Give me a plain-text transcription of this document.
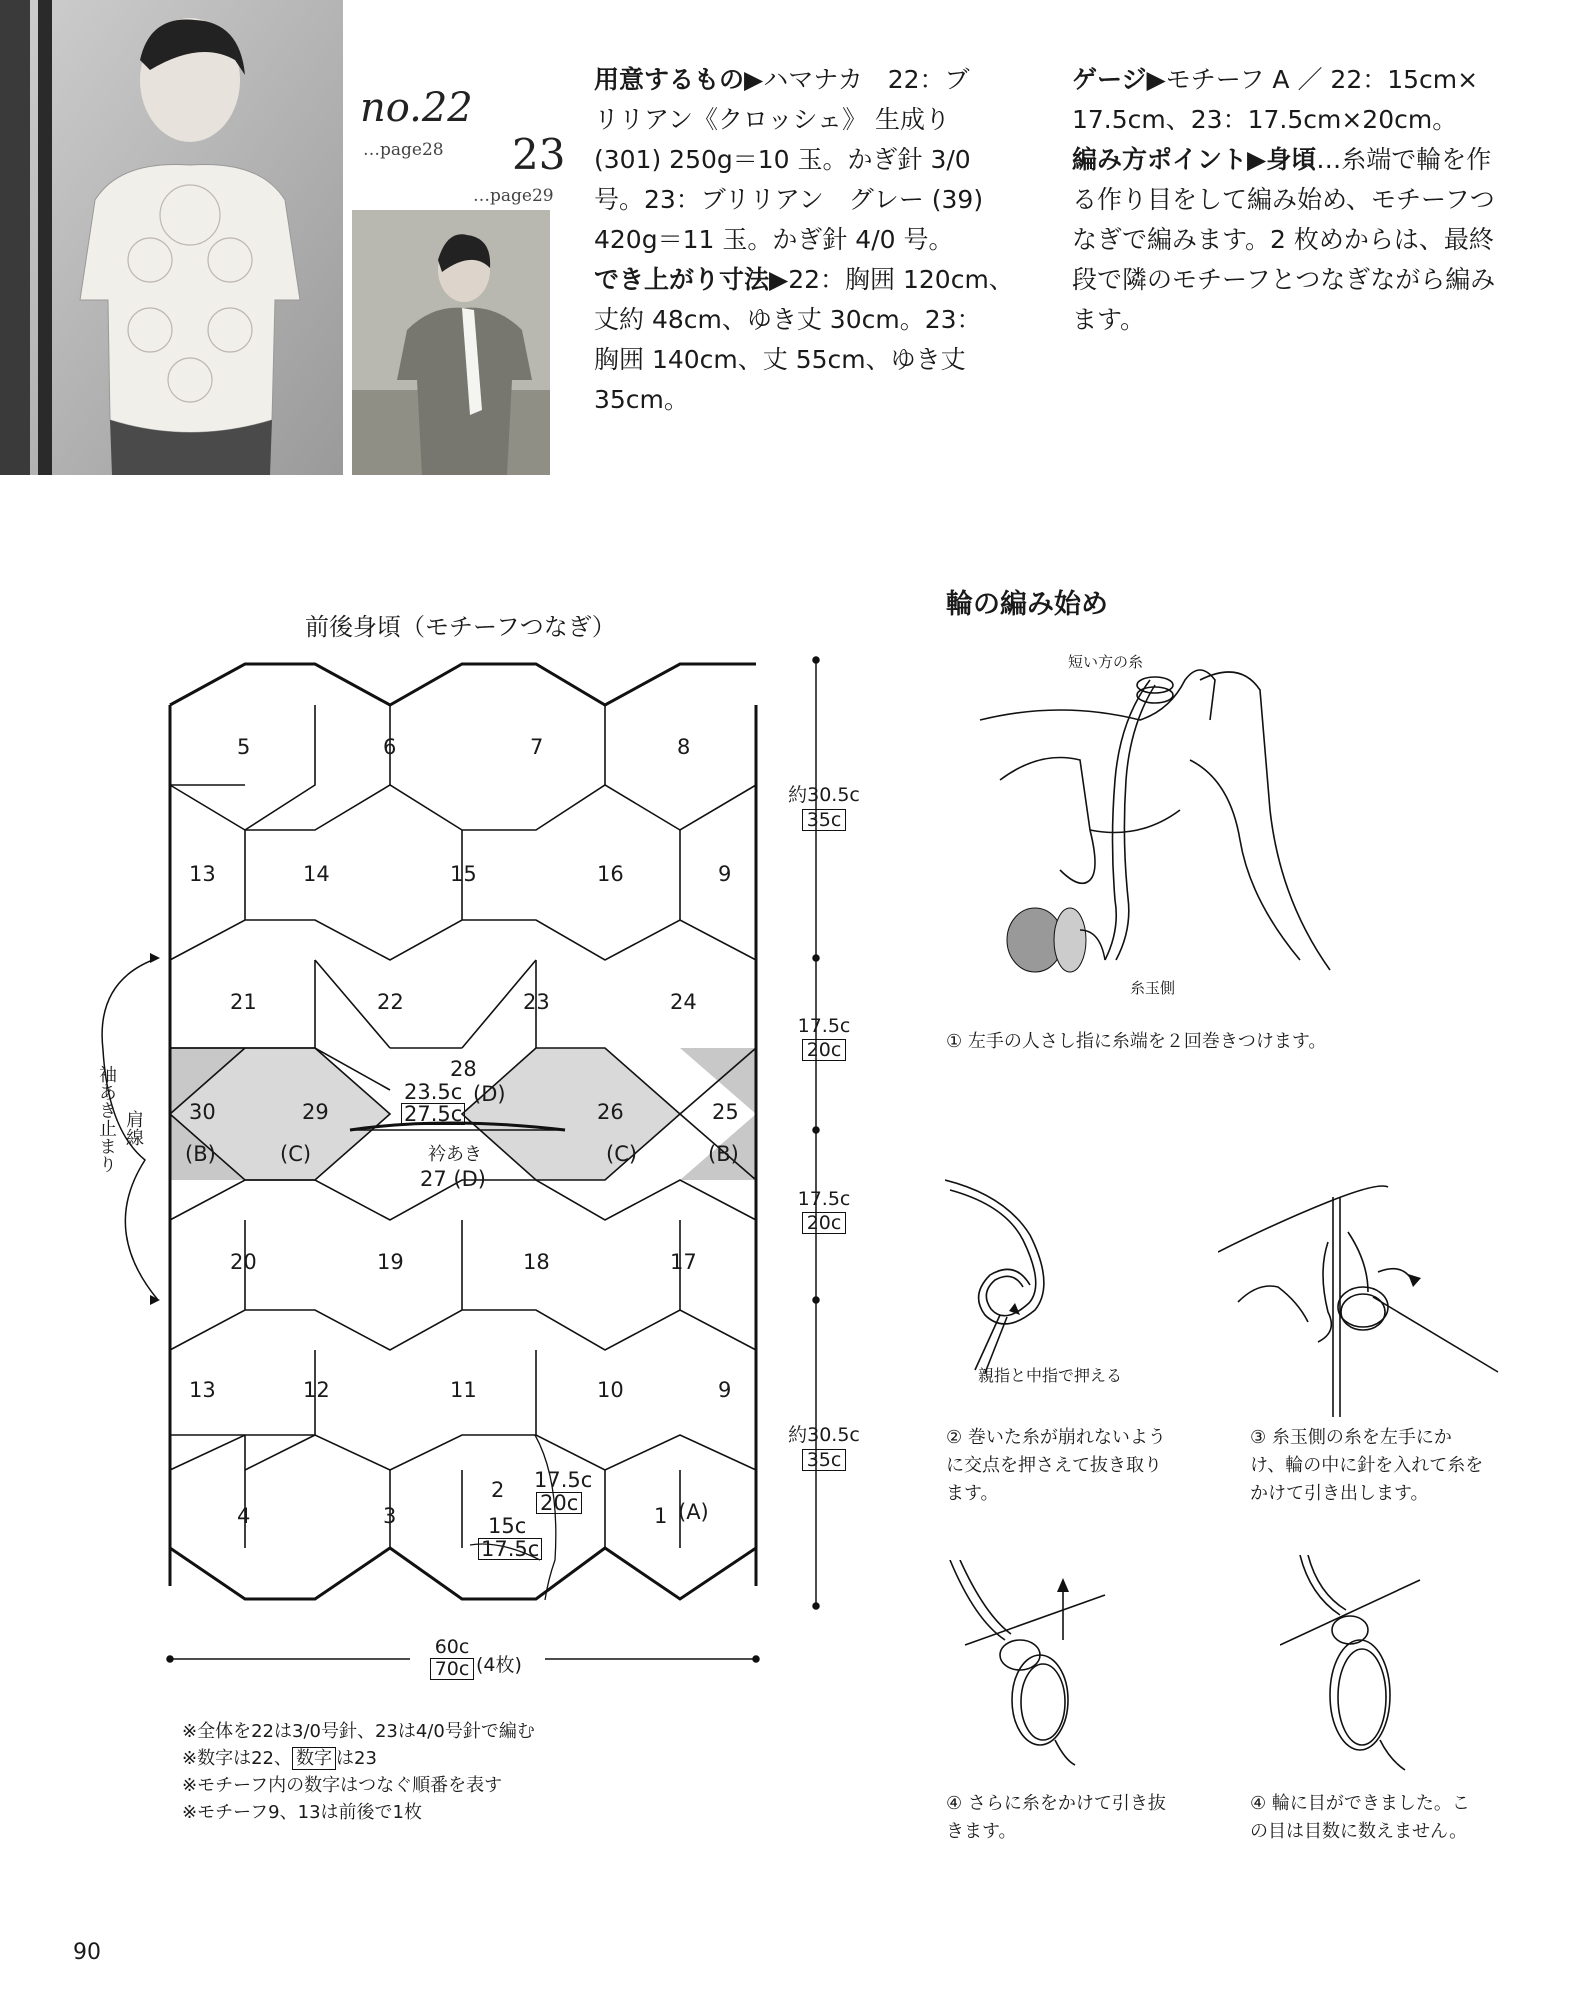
no.22
…page28 23
…page29

用意するもの▶ハマナカ　22：ブ

リリアン《クロッシェ》 生成り

(301) 250g＝10 玉。かぎ針 3/0

号。23：ブリリアン　グレー (39)

420g＝11 玉。かぎ針 4/0 号。

でき上がり寸法▶22：胸囲 120cm、

丈約 48cm、ゆき丈 30cm。23：

胸囲 140cm、丈 55cm、ゆき丈

35cm。

ゲージ▶モチーフ A ／ 22：15cm×

17.5cm、23：17.5cm×20cm。

編み方ポイント▶身頃…糸端で輪を作

る作り目をして編み始め、モチーフつ

なぎで編みます。2 枚めからは、最終

段で隣のモチーフとつなぎながら編み

ます。

前後身頃（モチーフつなぎ）
5	6	7	8
13	14	15	16	9
21	22	23	24
28
23.5c (D)
27.5c
30
(B)
29
(C)
26
(C)
25
(B)
衿あき
27 (D)
20	19	18	17
13	12	11	10	9
4	3
2
1 (A)
17.5c
20c
15c
17.5c
約30.5c
35c
17.5c
20c
17.5c
20c
約30.5c
35c
60c
70c (4枚)
袖あき止まり 肩線
※全体を22は3/0号針、23は4/0号針で編む
※数字は22、 数字 は23
※モチーフ内の数字はつなぐ順番を表す
※モチーフ9、13は前後で1枚
輪の編み始め
短い方の糸
糸玉側
① 左手の人さし指に糸端を２回巻きつけます。
親指と中指で押える
② 巻いた糸が崩れないよう
に交点を押さえて抜き取り
ます。
③ 糸玉側の糸を左手にか
け、輪の中に針を入れて糸を
かけて引き出します。
④ さらに糸をかけて引き抜
きます。
④ 輪に目ができました。こ
の目は目数に数えません。
90
